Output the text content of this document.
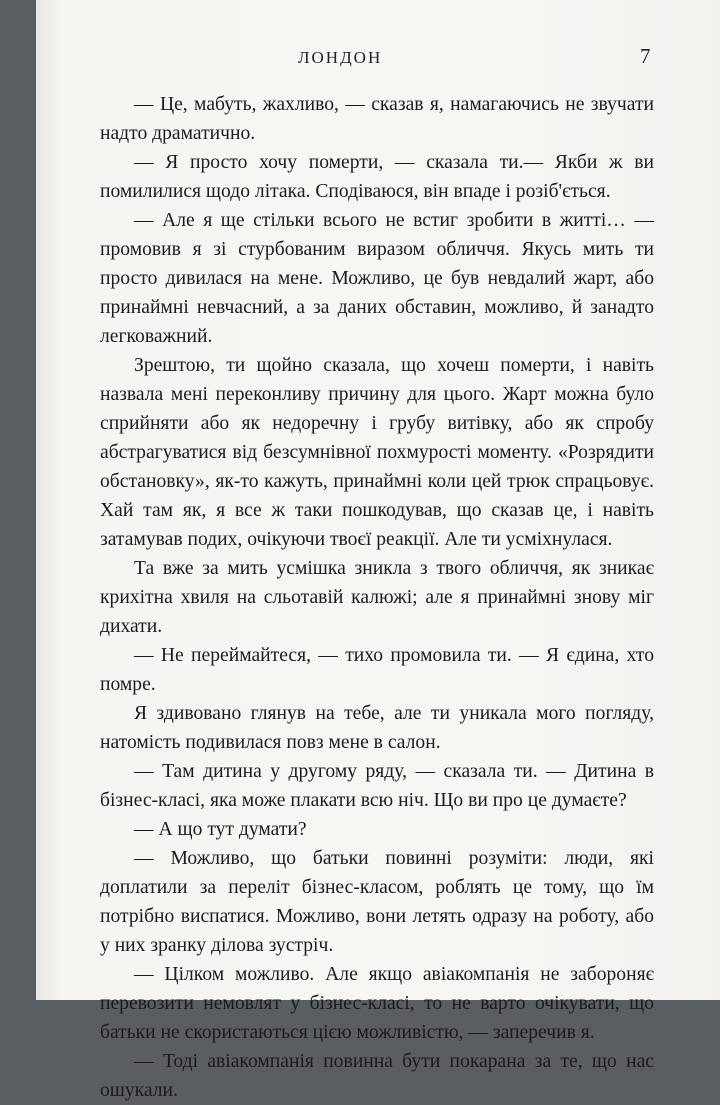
ЛОНДОН	7

— Це, мабуть, жахливо, — сказав я, намагаючись не звучати надто драматично.

— Я просто хочу померти, — сказала ти.— Якби ж ви помилилися щодо літака. Сподіваюся, він впаде і розіб'ється.

— Але я ще стільки всього не встиг зробити в житті… — промовив я зі стурбованим виразом обличчя. Якусь мить ти просто дивилася на мене. Можливо, це був невдалий жарт, або принаймні невчасний, а за даних обставин, можливо, й занадто легковажний.

Зрештою, ти щойно сказала, що хочеш померти, і навіть назвала мені переконливу причину для цього. Жарт можна було сприйняти або як недоречну і грубу витівку, або як спробу абстрагуватися від безсумнівної похмурості моменту. «Розрядити обстановку», як-то кажуть, принаймні коли цей трюк спрацьовує. Хай там як, я все ж таки пошкодував, що сказав це, і навіть затамував подих, очікуючи твоєї реакції. Але ти усміхнулася.

Та вже за мить усмішка зникла з твого обличчя, як зникає крихітна хвиля на сльотавій калюжі; але я принаймні знову міг дихати.

— Не переймайтеся, — тихо промовила ти. — Я єдина, хто помре.

Я здивовано глянув на тебе, але ти уникала мого погляду, натомість подивилася повз мене в салон.

— Там дитина у другому ряду, — сказала ти. — Дитина в бізнес-класі, яка може плакати всю ніч. Що ви про це думаєте?

— А що тут думати?

— Можливо, що батьки повинні розуміти: люди, які доплатили за переліт бізнес-класом, роблять це тому, що їм потрібно виспатися. Можливо, вони летять одразу на роботу, або у них зранку ділова зустріч.

— Цілком можливо. Але якщо авіакомпанія не забороняє перевозити немовлят у бізнес-класі, то не варто очікувати, що батьки не скористаються цією можливістю, — заперечив я.

— Тоді авіакомпанія повинна бути покарана за те, що нас ошукали.
